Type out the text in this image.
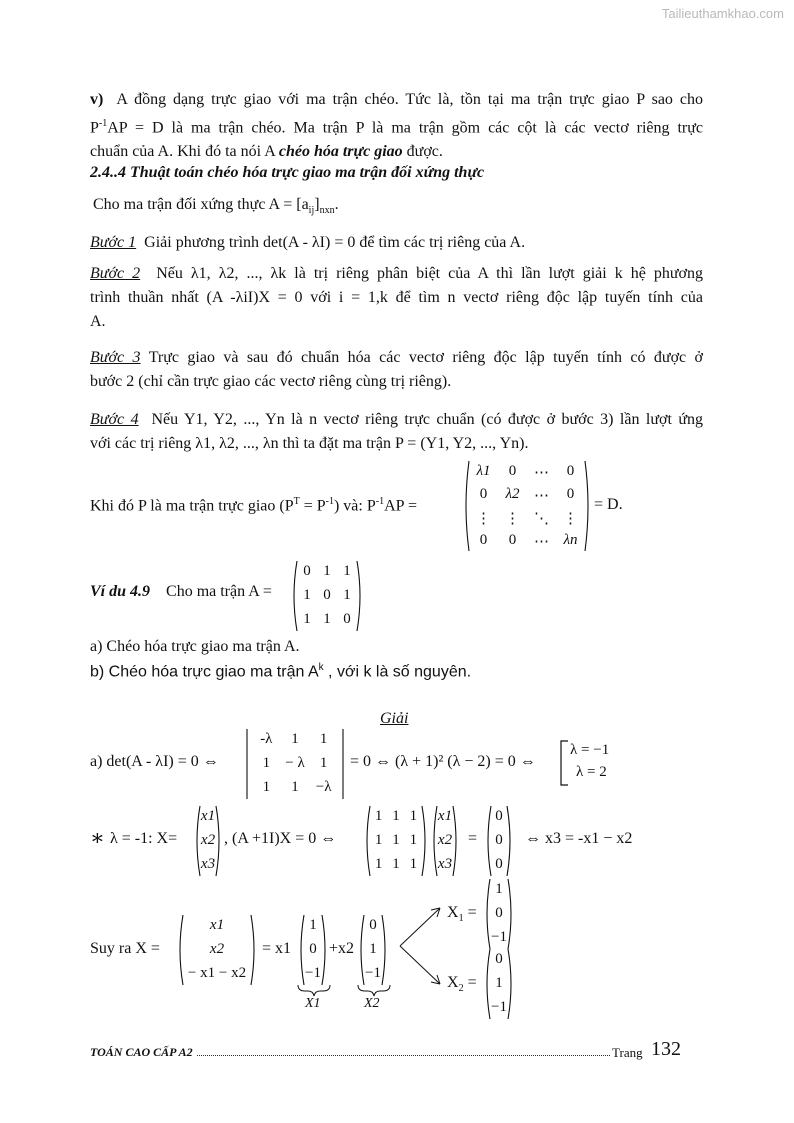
Tailieuthamkhao.com
v) A đồng dạng trực giao với ma trận chéo. Tức là, tồn tại ma trận trực giao P sao cho
$P^{-1}AP = D$ là ma trận chéo. Ma trận P là ma trận gồm các cột là các vectơ riêng trực
chuẩn của A. Khi đó ta nói A chéo hóa trực giao được.
2.4..4 Thuật toán chéo hóa trực giao ma trận đối xứng thực
Cho ma trận đối xứng thực $A = [a_{ij}]_{nxn}$.
Bước 1 Giải phương trình det(A - λI) = 0 để tìm các trị riêng của A.
Bước 2 Nếu λ1, λ2, ..., λk là trị riêng phân biệt của A thì lần lượt giải k hệ phương
trình thuần nhất (A -λiI)X = 0 với i = 1,k để tìm n vectơ riêng độc lập tuyến tính của
A.
Bước 3 Trực giao và sau đó chuẩn hóa các vectơ riêng độc lập tuyến tính có được ở
bước 2 (chỉ cần trực giao các vectơ riêng cùng trị riêng).
Bước 4 Nếu Y1, Y2, ..., Yn là n vectơ riêng trực chuẩn (có được ở bước 3) lần lượt ứng
với các trị riêng λ1, λ2, ..., λn thì ta đặt ma trận P = (Y1, Y2, ..., Yn).
Khi đó P là ma trận trực giao $(P^T = P^{-1})$ và: $P^{-1}AP$ =
λ1	0	⋯	0
0	λ2 ⋯	0
⋮ ⋮ ⋱ ⋮
0	0	⋯ λn
= D.
Ví du 4.9 Cho ma trận A =
0 1 1
1 0 1
1 1 0
a) Chéo hóa trực giao ma trận A.
b) Chéo hóa trực giao ma trận $A^k$ , với k là số nguyên.
Giải
a) det(A - λI) = 0 ⇔
-λ	1	1
1	− λ	1
1	1	−λ
= 0 ⇔ (λ + 1)² (λ − 2) = 0 ⇔
λ = −1
λ = 2
∗ λ = -1: X=
x1
x2
x3
, (A +1I)X = 0 ⇔
1 1 1
1 1 1
1 1 1
x1
x2
x3
=
0
0
0
⇔ x3 = -x1 − x2
Suy ra X =
x1
x2
− x1 − x2
= x1
1
0
−1
+x2
0
1
−1
X1	X2
$X_1$ =
1
0
−1
$X_2$ =
0
1
−1
TOÁN CAO CẤP A2	Trang 132
